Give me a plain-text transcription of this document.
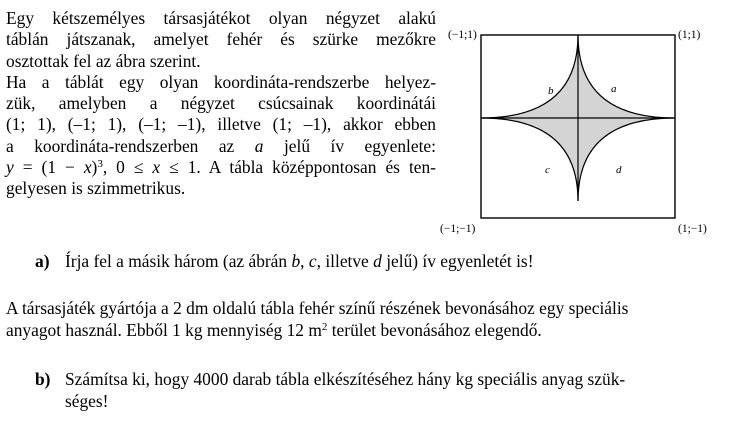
Egy kétszemélyes társasjátékot olyan négyzet alakú
táblán játszanak, amelyet fehér és szürke mezőkre
osztottak fel az ábra szerint.
Ha a táblát egy olyan koordináta-rendszerbe helyez-
zük, amelyben a négyzet csúcsainak koordinátái
(1; 1), (–1; 1), (–1; –1), illetve (1; –1), akkor ebben
a koordináta-rendszerben az a jelű ív egyenlete:
$y = (1 - x)^3$, 0 ≤ x ≤ 1. A tábla középpontosan és ten-
gelyesen is szimmetrikus.

(−1;1)	(1;1)
(−1;−1)	(1;−1)
a
b
c	d
a) Írja fel a másik három (az ábrán b, c, illetve d jelű) ív egyenletét is!
A társasjáték gyártója a 2 dm oldalú tábla fehér színű részének bevonásához egy speciális
anyagot használ. Ebből 1 kg mennyiség 12 $m^2$ terület bevonásához elegendő.
b) Számítsa ki, hogy 4000 darab tábla elkészítéséhez hány kg speciális anyag szük-
séges!
